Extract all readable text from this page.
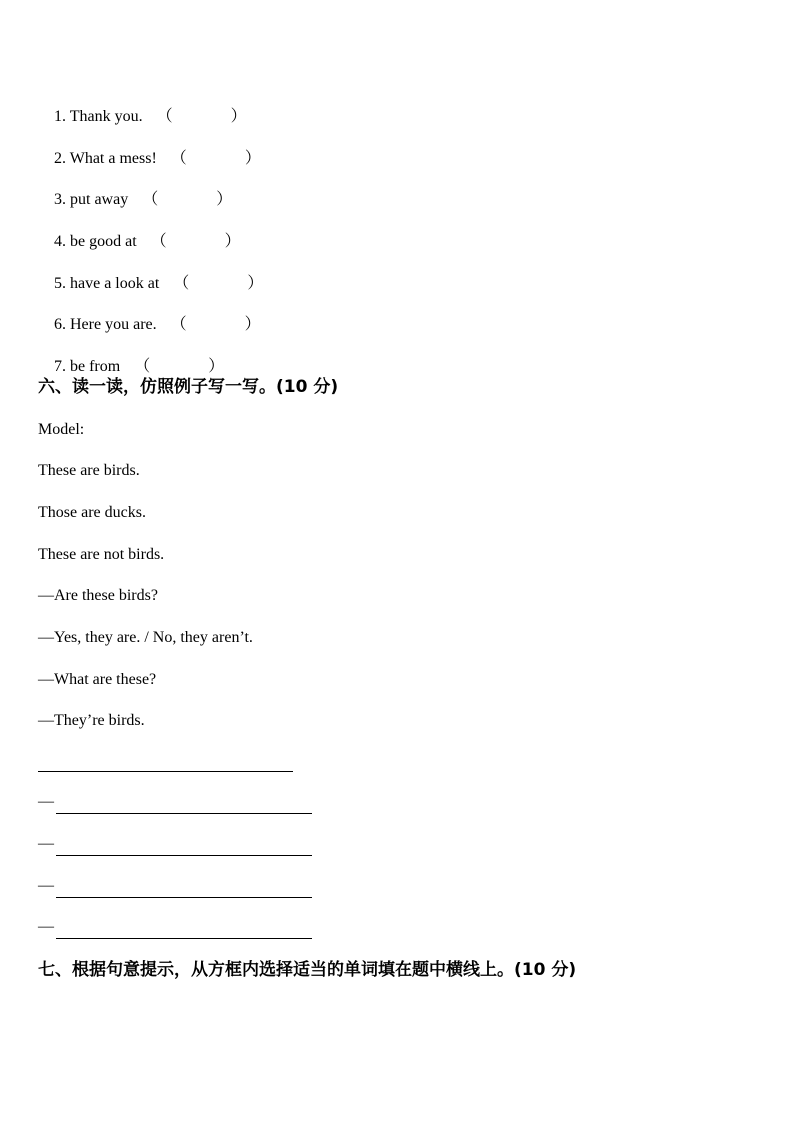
1. Thank you. （	）

2. What a mess! （	）

3. put away （	）

4. be good at （	）

5. have a look at （	）

6. Here you are. （	）

7. be from （	）

六、读一读，仿照例子写一写。(10 分)
Model:
These are birds.
Those are ducks.
These are not birds.
—Are these birds?
—Yes, they are. / No, they aren’t.
—What are these?
—They’re birds.
—
—
—
—
七、根据句意提示，从方框内选择适当的单词填在题中横线上。(10 分)
